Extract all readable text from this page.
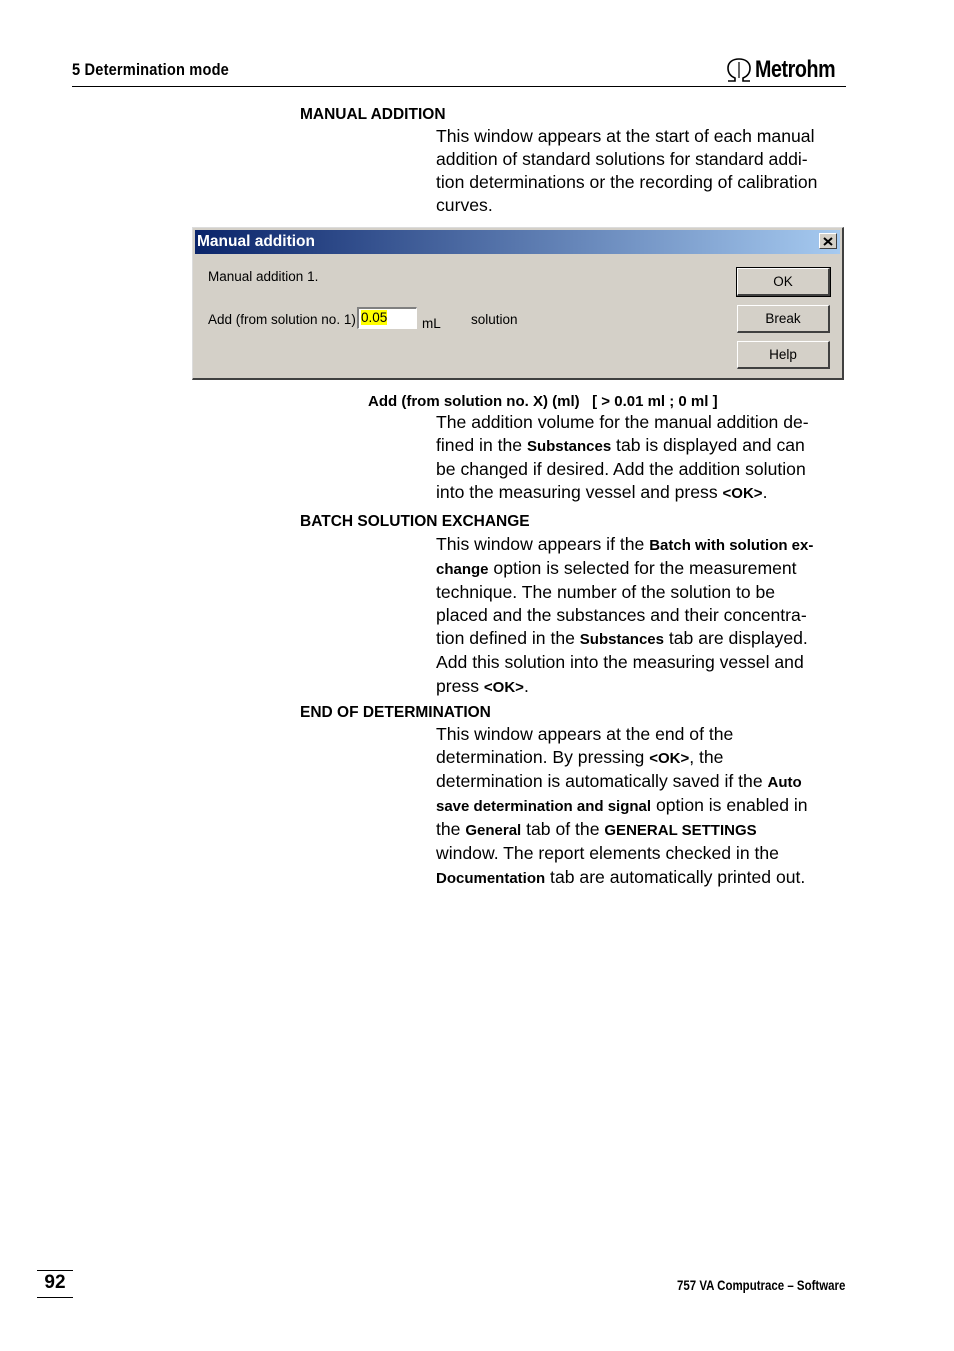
5 Determination mode	Metrohm
MANUAL ADDITION
This window appears at the start of each manual
addition of standard solutions for standard addi-
tion determinations or the recording of calibration
curves.
Manual addition
Manual addition 1.
Add (from solution no. 1) 0.05	mL solution
OK
Break
Help
Add (from solution no. X) (ml)   [ > 0.01 ml ; 0 ml ]
The addition volume for the manual addition de-
fined in the Substances tab is displayed and can
be changed if desired. Add the addition solution
into the measuring vessel and press <OK>.
BATCH SOLUTION EXCHANGE
This window appears if the Batch with solution ex-
change option is selected for the measurement
technique. The number of the solution to be
placed and the substances and their concentra-
tion defined in the Substances tab are displayed.
Add this solution into the measuring vessel and
press <OK>.
END OF DETERMINATION
This window appears at the end of the
determination. By pressing <OK>, the
determination is automatically saved if the Auto
save determination and signal option is enabled in
the General tab of the GENERAL SETTINGS
window. The report elements checked in the
Documentation tab are automatically printed out.
92	757 VA Computrace – Software
